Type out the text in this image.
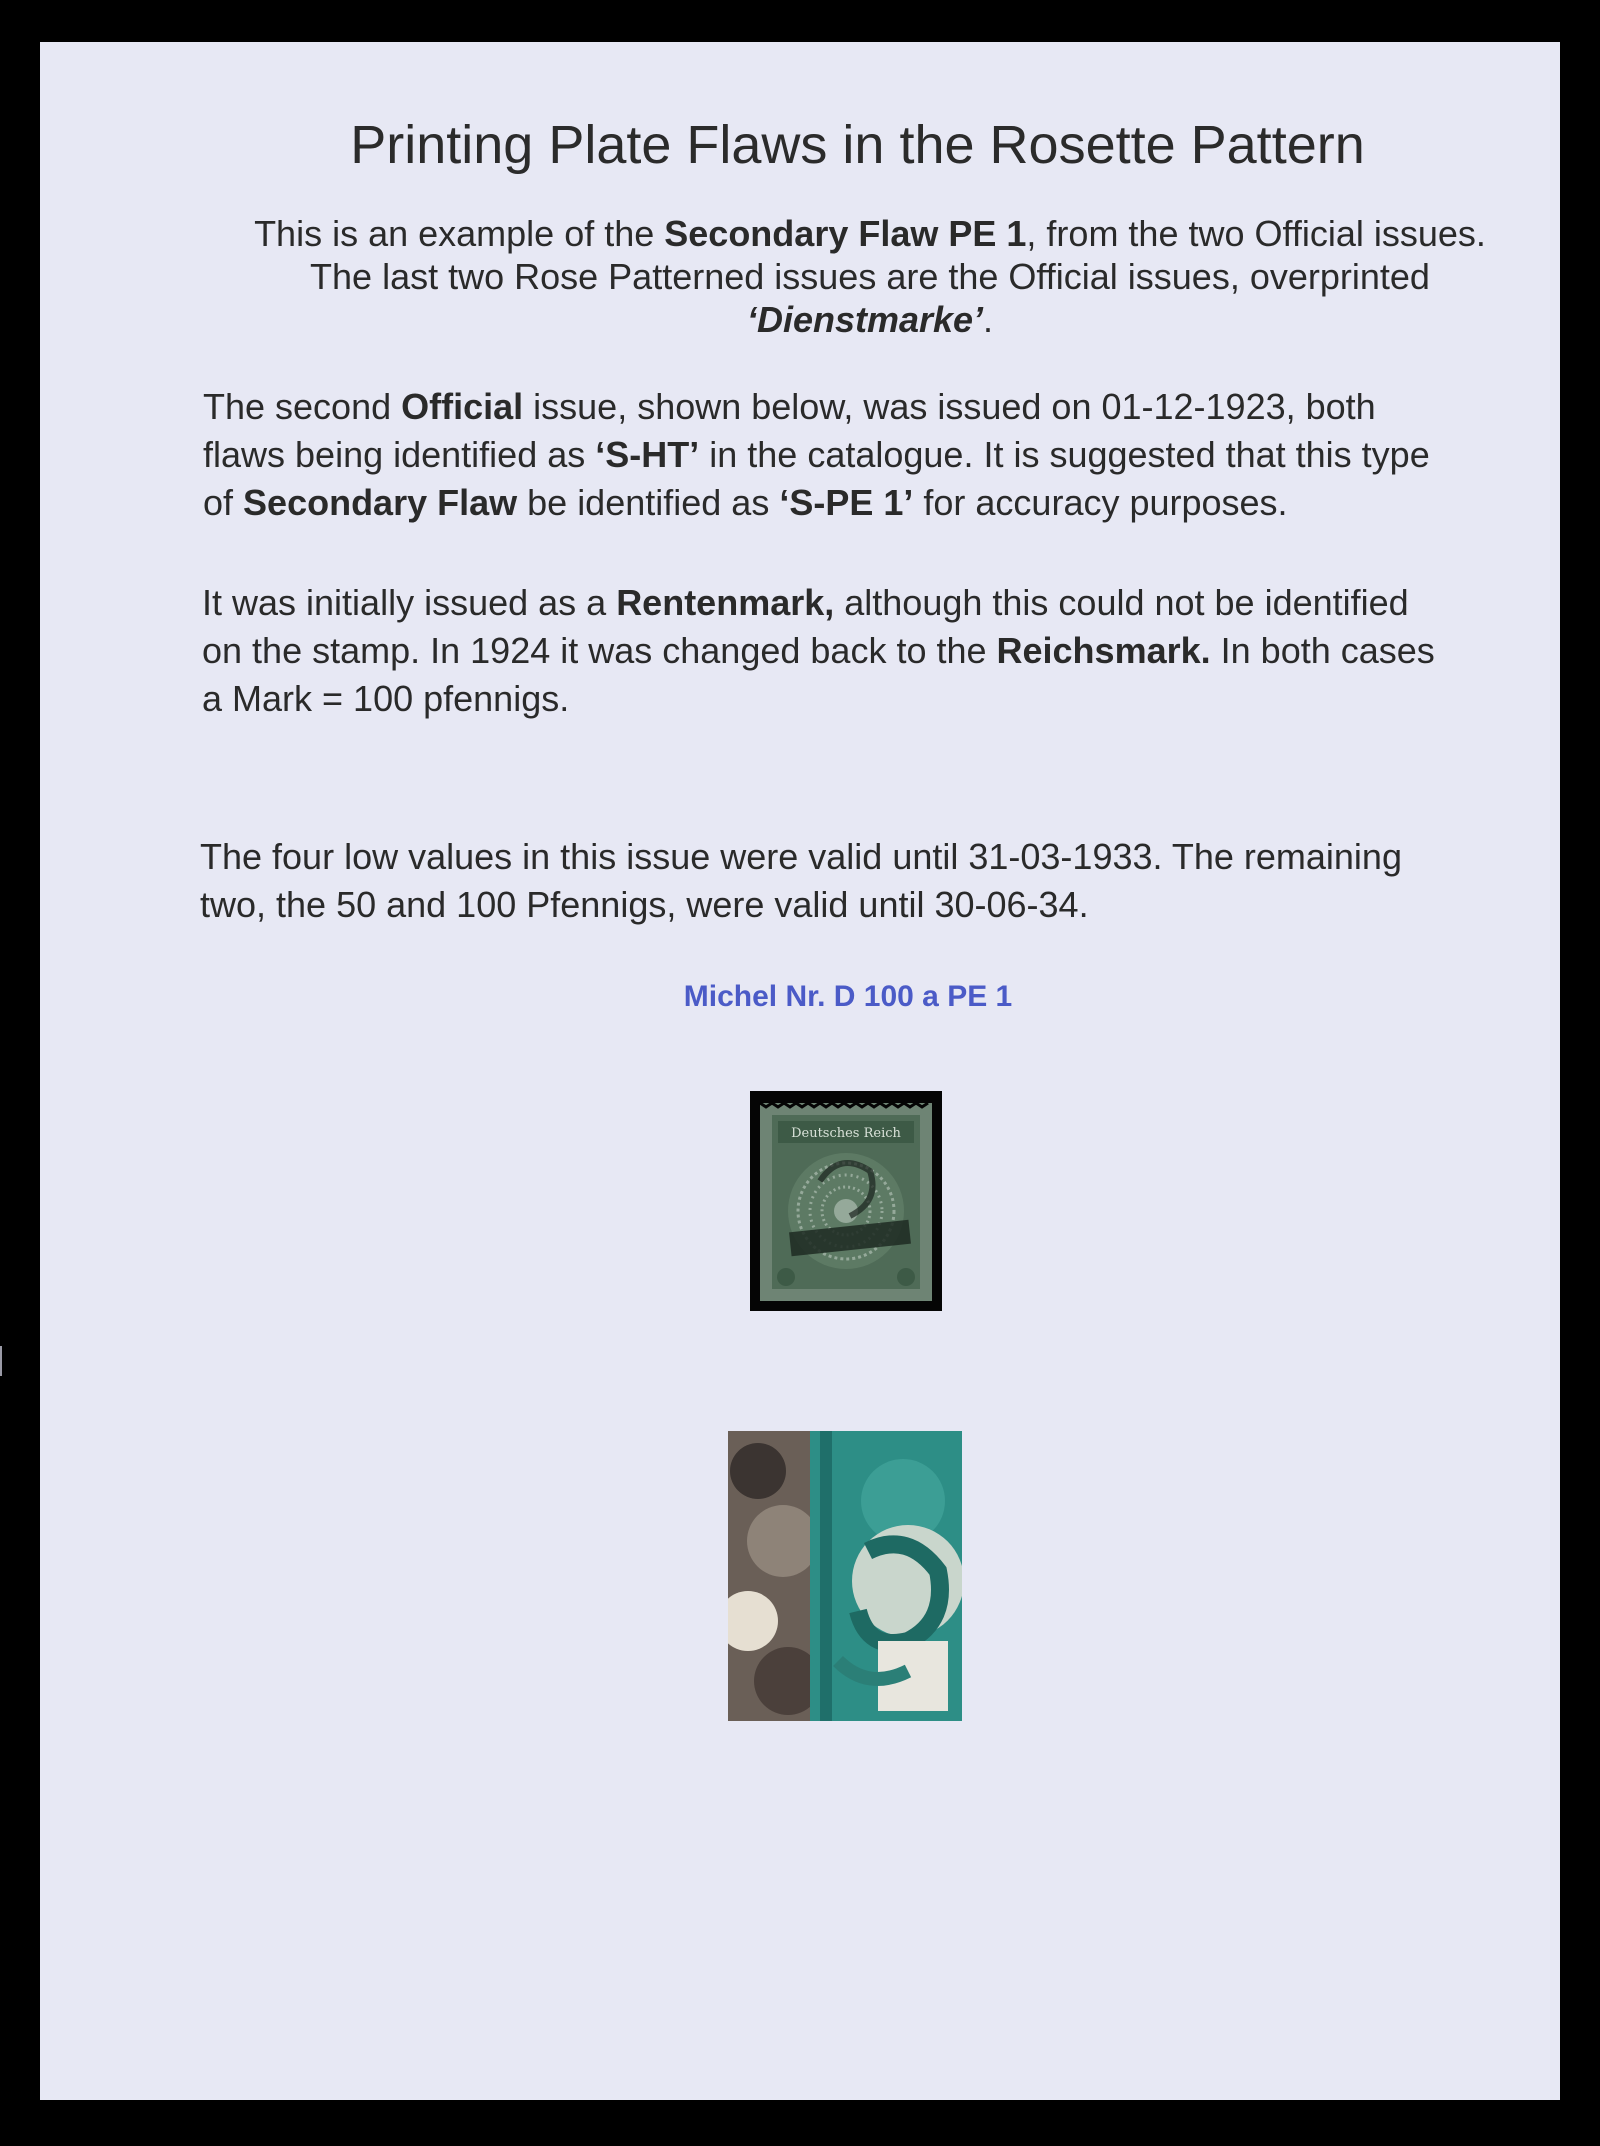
Printing Plate Flaws in the Rosette Pattern
This is an example of the Secondary Flaw PE 1, from the two Official issues.
The last two Rose Patterned issues are the Official issues, overprinted
‘Dienstmarke’.
The second Official issue, shown below, was issued on 01-12-1923, both
flaws being identified as ‘S-HT’ in the catalogue. It is suggested that this type
of Secondary Flaw be identified as ‘S-PE 1’ for accuracy purposes.
It was initially issued as a Rentenmark, although this could not be identified
on the stamp. In 1924 it was changed back to the Reichsmark. In both cases
a Mark = 100 pfennigs.
The four low values in this issue were valid until 31-03-1933. The remaining
two, the 50 and 100 Pfennigs, were valid until 30-06-34.
Michel Nr. D 100 a PE 1
Deutsches Reich
